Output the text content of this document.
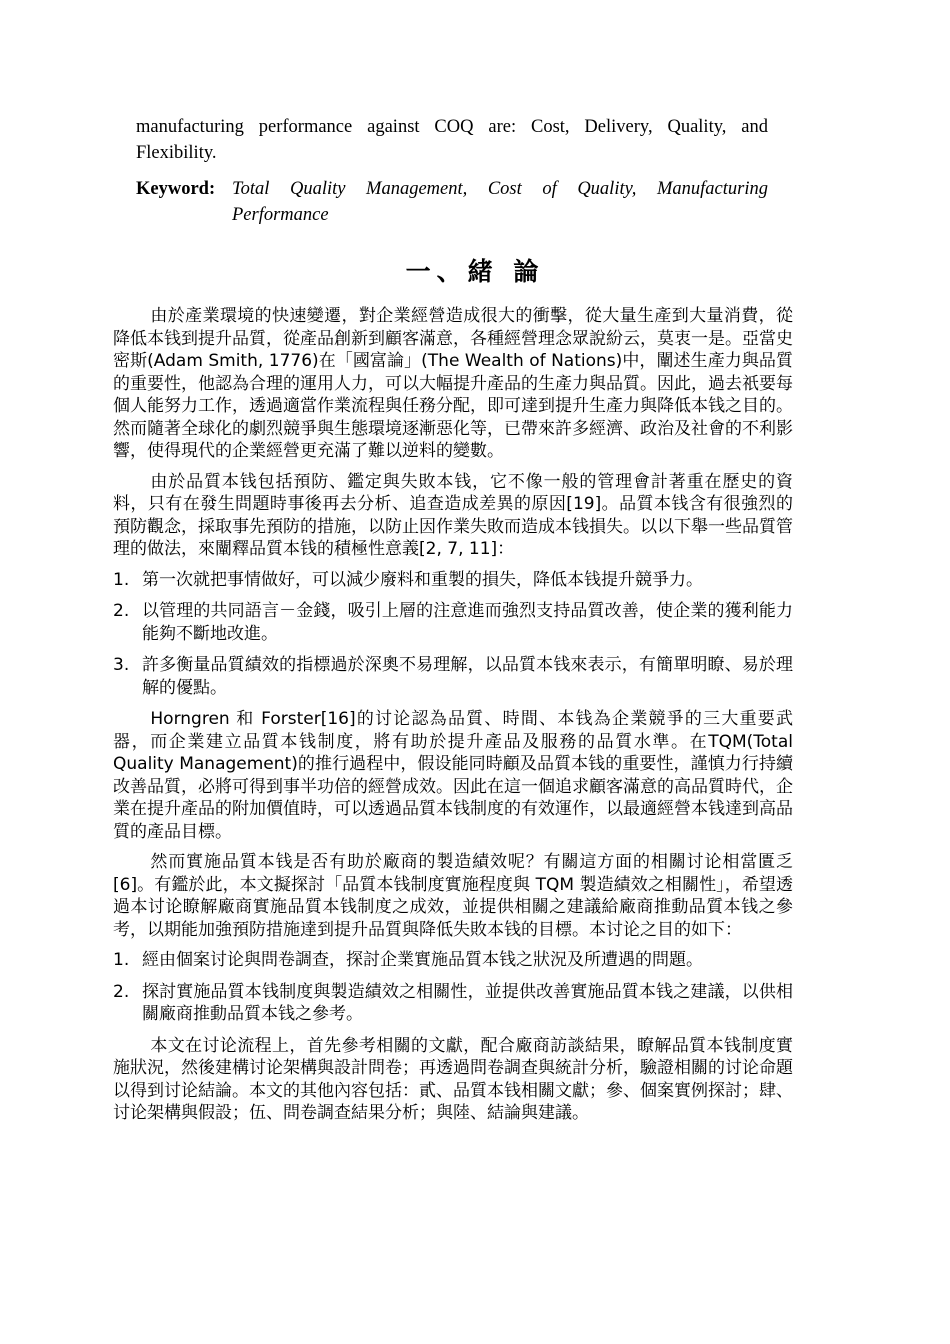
manufacturing performance against COQ are: Cost, Delivery, Quality, and Flexibility.
Keyword: Total Quality Management, Cost of Quality, Manufacturing Performance
一、緒 論

由於產業環境的快速變遷，對企業經營造成很大的衝擊，從大量生產到大量消費，從降低本钱到提升品質，從產品創新到顧客滿意，各種經營理念眾說紛云，莫衷一是。亞當史密斯(Adam Smith, 1776)在「國富論」(The Wealth of Nations)中，闡述生產力與品質的重要性，他認為合理的運用人力，可以大幅提升產品的生產力與品質。因此，過去祇要每個人能努力工作，透過適當作業流程與任務分配，即可達到提升生產力與降低本钱之目的。然而隨著全球化的劇烈競爭與生態環境逐漸惡化等，已帶來許多經濟、政治及社會的不利影響，使得現代的企業經營更充滿了難以逆料的變數。

由於品質本钱包括預防、鑑定與失敗本钱，它不像一般的管理會計著重在歷史的資料，只有在發生問題時事後再去分析、追查造成差異的原因[19]。品質本钱含有很強烈的預防觀念，採取事先預防的措施，以防止因作業失敗而造成本钱損失。以以下舉一些品質管理的做法，來闡釋品質本钱的積極性意義[2, 7, 11]：

1. 第一次就把事情做好，可以減少廢料和重製的損失，降低本钱提升競爭力。
2. 以管理的共同語言－金錢，吸引上層的注意進而強烈支持品質改善，使企業的獲利能力能夠不斷地改進。
3. 許多衡量品質績效的指標過於深奧不易理解，以品質本钱來表示，有簡單明瞭、易於理解的優點。

Horngren 和 Forster[16]的讨论認為品質、時間、本钱為企業競爭的三大重要武器，而企業建立品質本钱制度，將有助於提升產品及服務的品質水準。在TQM(Total Quality Management)的推行過程中，假设能同時顧及品質本钱的重要性，謹慎力行持續改善品質，必將可得到事半功倍的經營成效。因此在這一個追求顧客滿意的高品質時代，企業在提升產品的附加價值時，可以透過品質本钱制度的有效運作，以最適經營本钱達到高品質的產品目標。

然而實施品質本钱是否有助於廠商的製造績效呢？有關這方面的相關讨论相當匱乏[6]。有鑑於此，本文擬探討「品質本钱制度實施程度與 TQM 製造績效之相關性」，希望透過本讨论瞭解廠商實施品質本钱制度之成效，並提供相關之建議給廠商推動品質本钱之參考，以期能加強預防措施達到提升品質與降低失敗本钱的目標。本讨论之目的如下：

1. 經由個案讨论與問卷調查，探討企業實施品質本钱之狀況及所遭遇的問題。
2. 探討實施品質本钱制度與製造績效之相關性，並提供改善實施品質本钱之建議，以供相關廠商推動品質本钱之參考。

本文在讨论流程上，首先參考相關的文獻，配合廠商訪談結果，瞭解品質本钱制度實施狀況，然後建構讨论架構與設計問卷；再透過問卷調查與統計分析，驗證相關的讨论命題以得到讨论結論。本文的其他內容包括：貳、品質本钱相關文獻；參、個案實例探討；肆、讨论架構與假設；伍、問卷調查結果分析；與陸、結論與建議。
